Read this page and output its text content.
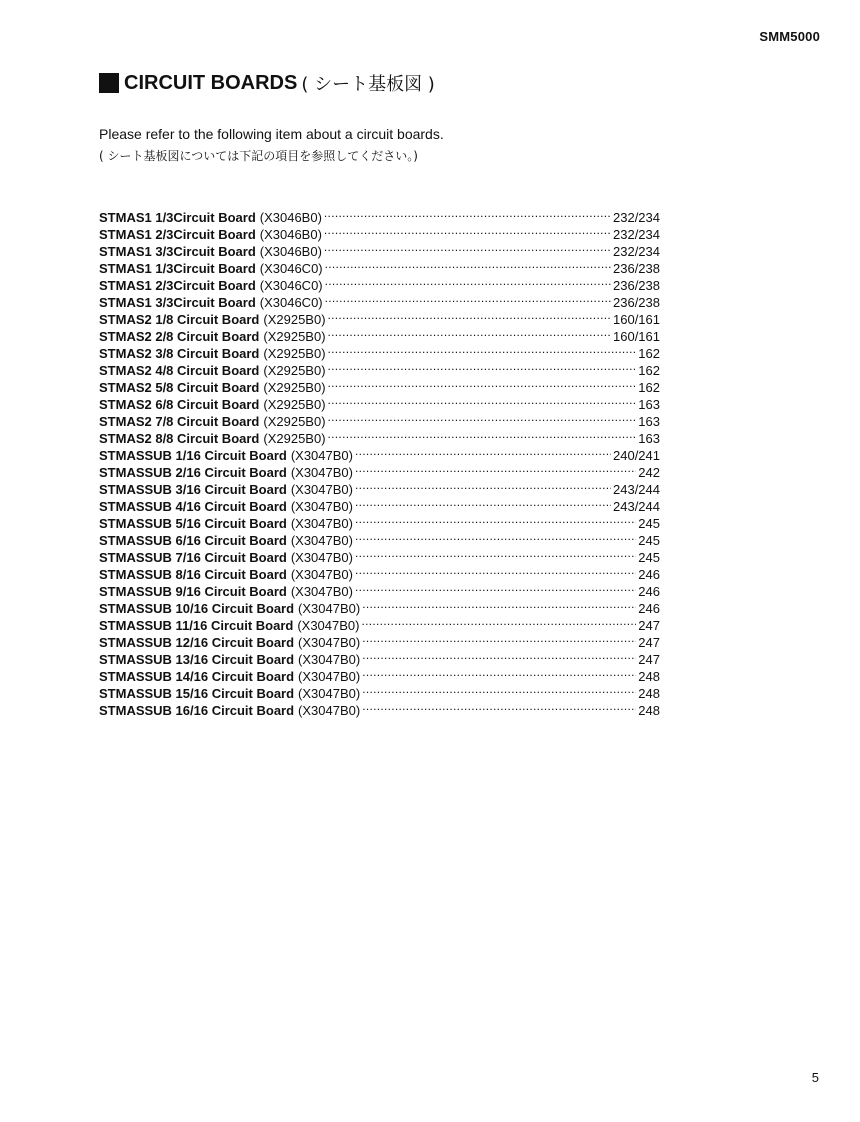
SMM5000
CIRCUIT BOARDS ( シート基板図 )
Please refer to the following item about a circuit boards.
( シート基板図については下記の項目を参照してください。)
STMAS1 1/3Circuit Board (X3046B0) .....	232/234
STMAS1 2/3Circuit Board (X3046B0) .....	232/234
STMAS1 3/3Circuit Board (X3046B0) .....	232/234
STMAS1 1/3Circuit Board (X3046C0) .....	236/238
STMAS1 2/3Circuit Board (X3046C0) .....	236/238
STMAS1 3/3Circuit Board (X3046C0) .....	236/238
STMAS2 1/8 Circuit Board (X2925B0) .....	160/161
STMAS2 2/8 Circuit Board (X2925B0) .....	160/161
STMAS2 3/8 Circuit Board (X2925B0) .....	162
STMAS2 4/8 Circuit Board (X2925B0) .....	162
STMAS2 5/8 Circuit Board (X2925B0) .....	162
STMAS2 6/8 Circuit Board (X2925B0) .....	163
STMAS2 7/8 Circuit Board (X2925B0) .....	163
STMAS2 8/8 Circuit Board (X2925B0) .....	163
STMASSUB 1/16 Circuit Board (X3047B0) .....	240/241
STMASSUB 2/16 Circuit Board (X3047B0) .....	242
STMASSUB 3/16 Circuit Board (X3047B0) .....	243/244
STMASSUB 4/16 Circuit Board (X3047B0) .....	243/244
STMASSUB 5/16 Circuit Board (X3047B0) .....	245
STMASSUB 6/16 Circuit Board (X3047B0) .....	245
STMASSUB 7/16 Circuit Board (X3047B0) .....	245
STMASSUB 8/16 Circuit Board (X3047B0) .....	246
STMASSUB 9/16 Circuit Board (X3047B0) .....	246
STMASSUB 10/16 Circuit Board (X3047B0) .....	246
STMASSUB 11/16 Circuit Board (X3047B0) .....	247
STMASSUB 12/16 Circuit Board (X3047B0) .....	247
STMASSUB 13/16 Circuit Board (X3047B0) .....	247
STMASSUB 14/16 Circuit Board (X3047B0) .....	248
STMASSUB 15/16 Circuit Board (X3047B0) .....	248
STMASSUB 16/16 Circuit Board (X3047B0) .....	248
5
